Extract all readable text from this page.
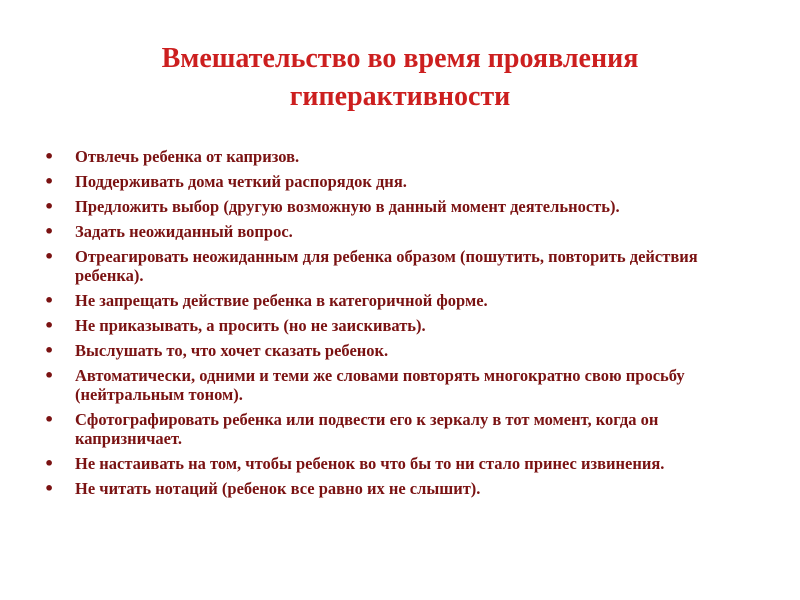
Вмешательство во время проявления гиперактивности
• Отвлечь ребенка от капризов.
• Поддерживать дома четкий распорядок дня.
• Предложить выбор (другую возможную в данный момент деятельность).
• Задать неожиданный вопрос.
• Отреагировать неожиданным для ребенка образом (пошутить, повторить действия ребенка).
• Не запрещать действие ребенка в категоричной форме.
• Не приказывать, а просить (но не заискивать).
• Выслушать то, что хочет сказать ребенок.
• Автоматически, одними и теми же словами повторять многократно свою просьбу (нейтральным тоном).
• Сфотографировать ребенка или подвести его к зеркалу в тот момент, когда он капризничает.
• Не настаивать на том, чтобы ребенок во что бы то ни стало принес извинения.
• Не читать нотаций (ребенок все равно их не слышит).
